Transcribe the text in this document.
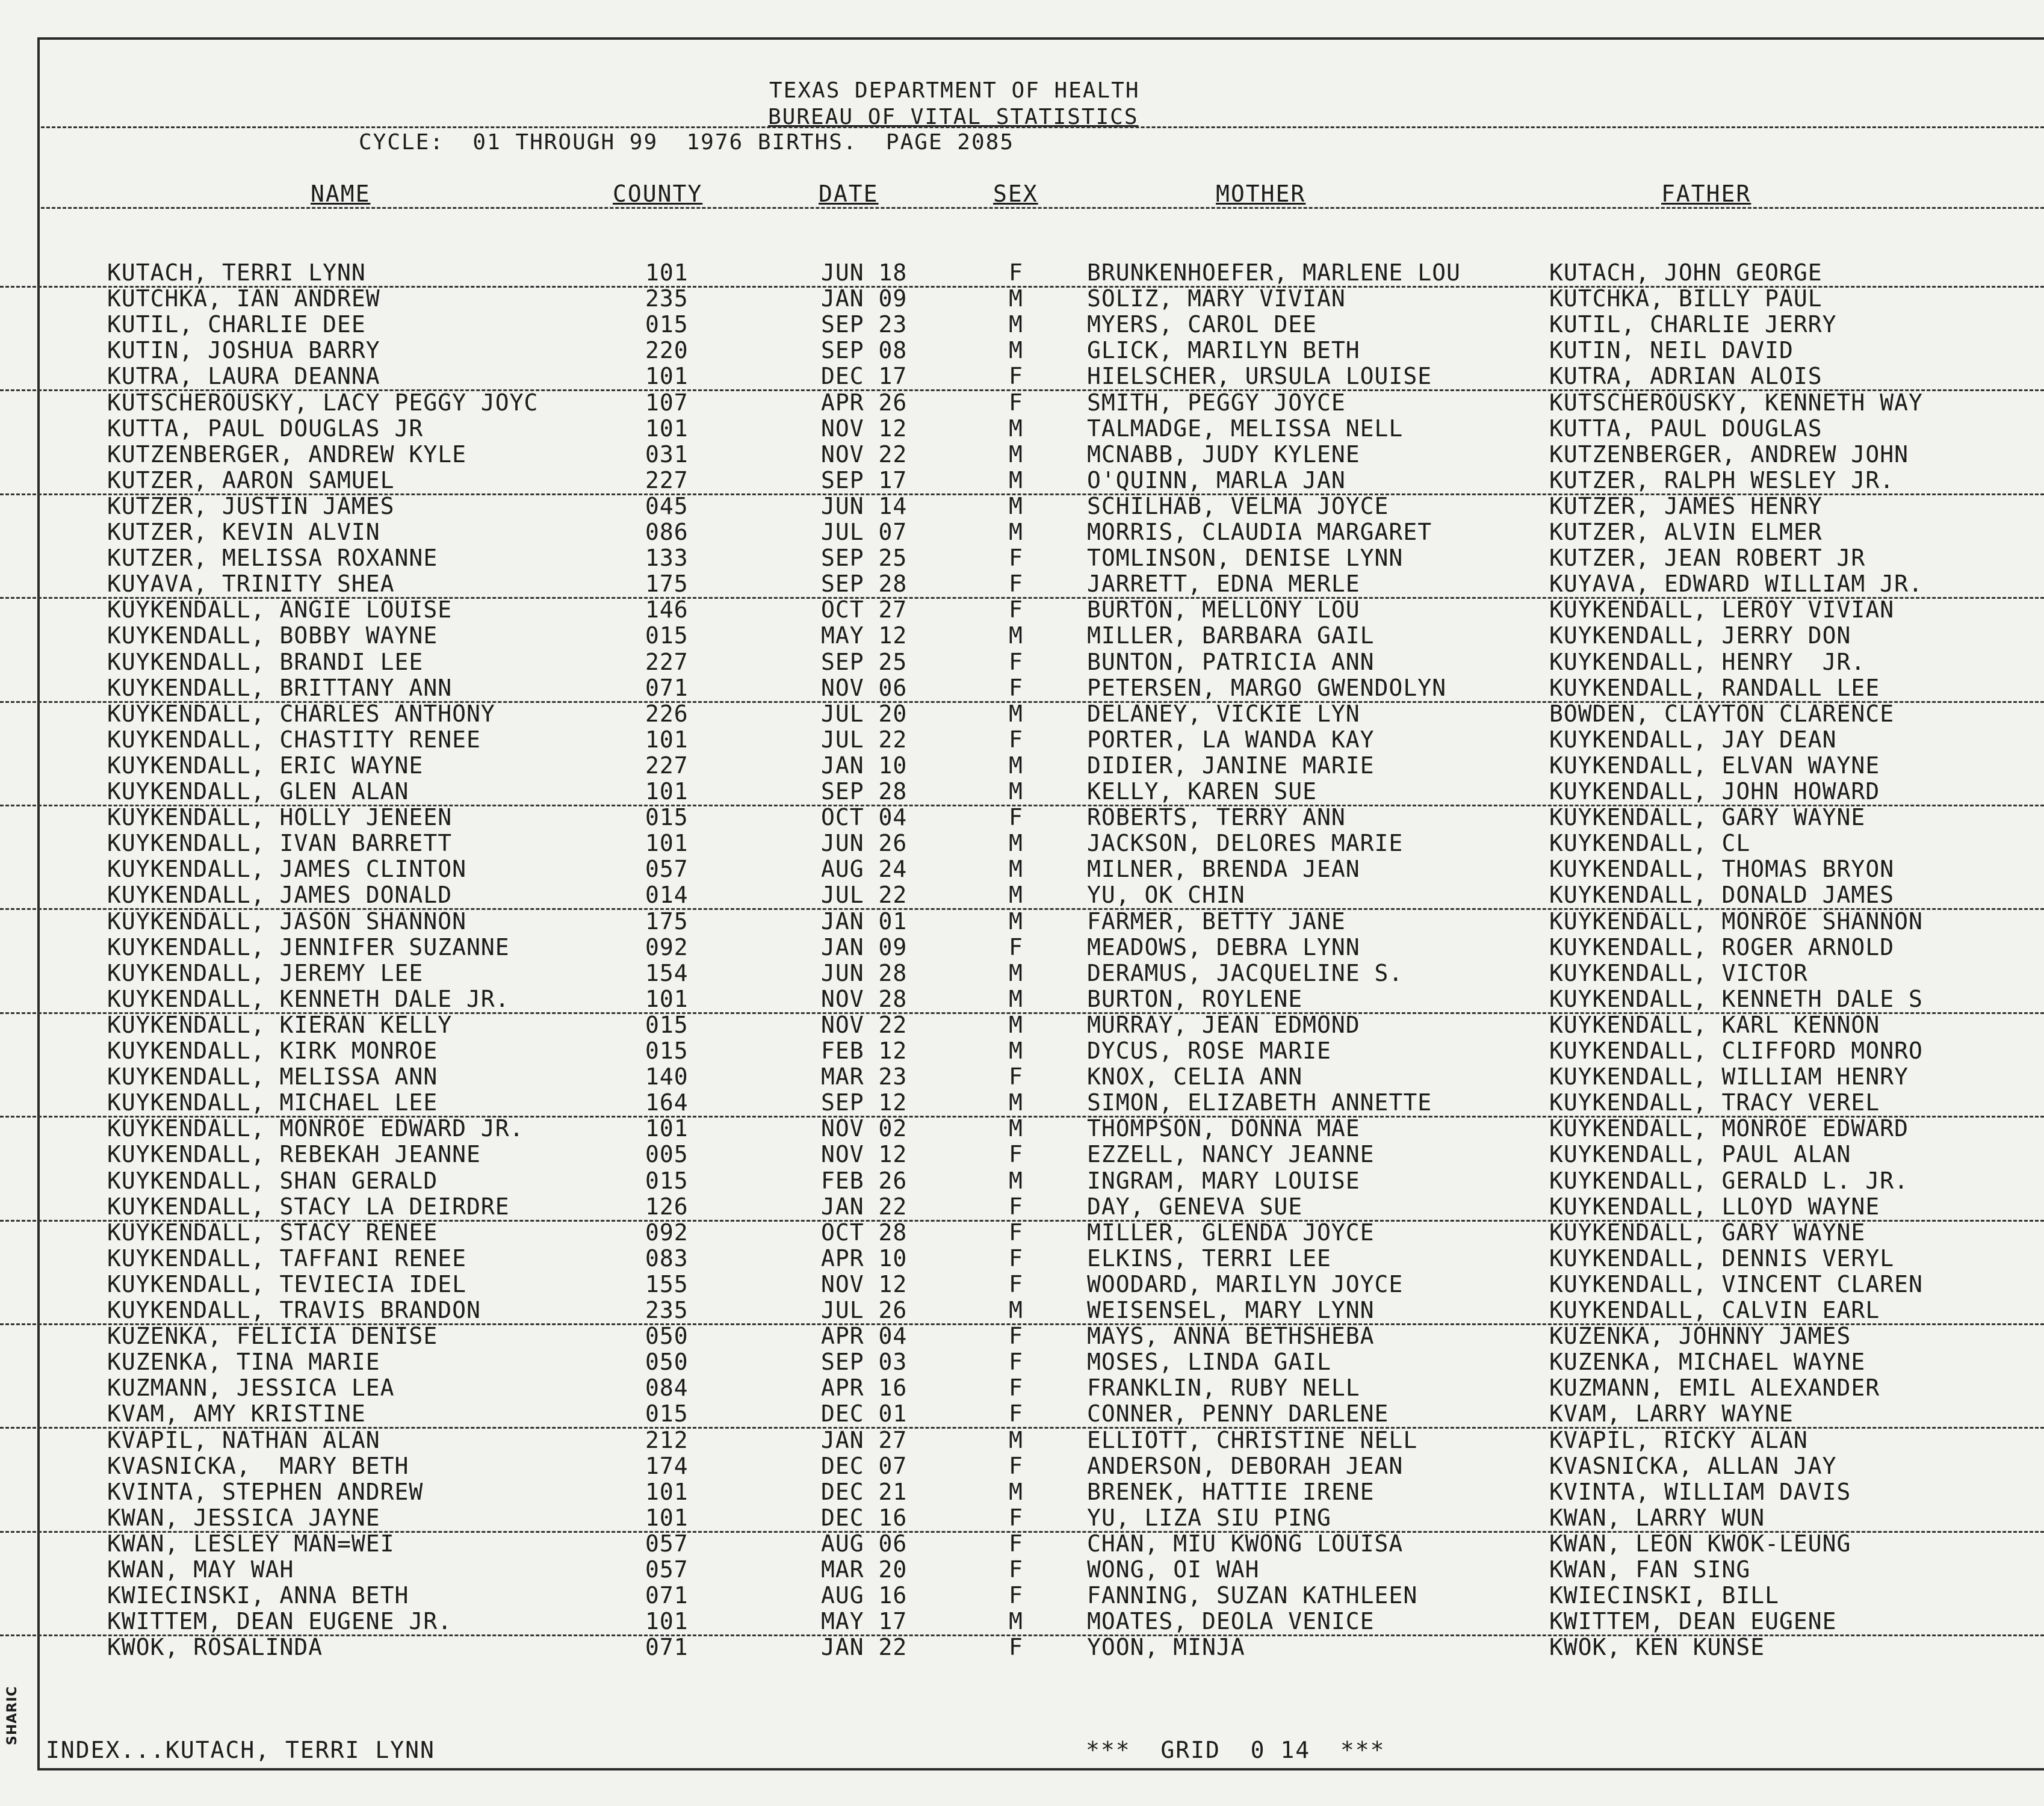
TEXAS DEPARTMENT OF HEALTH
BUREAU OF VITAL STATISTICS
CYCLE:  01 THROUGH 99  1976 BIRTHS.  PAGE 2085
NAME	COUNTY	DATE	SEX	MOTHER	FATHER
KUTACH, TERRI LYNN	101	JUN 18	F	BRUNKENHOEFER, MARLENE LOU	KUTACH, JOHN GEORGE
KUTCHKA, IAN ANDREW	235	JAN 09	M	SOLIZ, MARY VIVIAN	KUTCHKA, BILLY PAUL
KUTIL, CHARLIE DEE	015	SEP 23	M	MYERS, CAROL DEE	KUTIL, CHARLIE JERRY
KUTIN, JOSHUA BARRY	220	SEP 08	M	GLICK, MARILYN BETH	KUTIN, NEIL DAVID
KUTRA, LAURA DEANNA	101	DEC 17	F	HIELSCHER, URSULA LOUISE	KUTRA, ADRIAN ALOIS
KUTSCHEROUSKY, LACY PEGGY JOYC	107	APR 26	F	SMITH, PEGGY JOYCE	KUTSCHEROUSKY, KENNETH WAY
KUTTA, PAUL DOUGLAS JR	101	NOV 12	M	TALMADGE, MELISSA NELL	KUTTA, PAUL DOUGLAS
KUTZENBERGER, ANDREW KYLE	031	NOV 22	M	MCNABB, JUDY KYLENE	KUTZENBERGER, ANDREW JOHN
KUTZER, AARON SAMUEL	227	SEP 17	M	O'QUINN, MARLA JAN	KUTZER, RALPH WESLEY JR.
KUTZER, JUSTIN JAMES	045	JUN 14	M	SCHILHAB, VELMA JOYCE	KUTZER, JAMES HENRY
KUTZER, KEVIN ALVIN	086	JUL 07	M	MORRIS, CLAUDIA MARGARET	KUTZER, ALVIN ELMER
KUTZER, MELISSA ROXANNE	133	SEP 25	F	TOMLINSON, DENISE LYNN	KUTZER, JEAN ROBERT JR
KUYAVA, TRINITY SHEA	175	SEP 28	F	JARRETT, EDNA MERLE	KUYAVA, EDWARD WILLIAM JR.
KUYKENDALL, ANGIE LOUISE	146	OCT 27	F	BURTON, MELLONY LOU	KUYKENDALL, LEROY VIVIAN
KUYKENDALL, BOBBY WAYNE	015	MAY 12	M	MILLER, BARBARA GAIL	KUYKENDALL, JERRY DON
KUYKENDALL, BRANDI LEE	227	SEP 25	F	BUNTON, PATRICIA ANN	KUYKENDALL, HENRY  JR.
KUYKENDALL, BRITTANY ANN	071	NOV 06	F	PETERSEN, MARGO GWENDOLYN	KUYKENDALL, RANDALL LEE
KUYKENDALL, CHARLES ANTHONY	226	JUL 20	M	DELANEY, VICKIE LYN	BOWDEN, CLAYTON CLARENCE
KUYKENDALL, CHASTITY RENEE	101	JUL 22	F	PORTER, LA WANDA KAY	KUYKENDALL, JAY DEAN
KUYKENDALL, ERIC WAYNE	227	JAN 10	M	DIDIER, JANINE MARIE	KUYKENDALL, ELVAN WAYNE
KUYKENDALL, GLEN ALAN	101	SEP 28	M	KELLY, KAREN SUE	KUYKENDALL, JOHN HOWARD
KUYKENDALL, HOLLY JENEEN	015	OCT 04	F	ROBERTS, TERRY ANN	KUYKENDALL, GARY WAYNE
KUYKENDALL, IVAN BARRETT	101	JUN 26	M	JACKSON, DELORES MARIE	KUYKENDALL, CL
KUYKENDALL, JAMES CLINTON	057	AUG 24	M	MILNER, BRENDA JEAN	KUYKENDALL, THOMAS BRYON
KUYKENDALL, JAMES DONALD	014	JUL 22	M	YU, OK CHIN	KUYKENDALL, DONALD JAMES
KUYKENDALL, JASON SHANNON	175	JAN 01	M	FARMER, BETTY JANE	KUYKENDALL, MONROE SHANNON
KUYKENDALL, JENNIFER SUZANNE	092	JAN 09	F	MEADOWS, DEBRA LYNN	KUYKENDALL, ROGER ARNOLD
KUYKENDALL, JEREMY LEE	154	JUN 28	M	DERAMUS, JACQUELINE S.	KUYKENDALL, VICTOR
KUYKENDALL, KENNETH DALE JR.	101	NOV 28	M	BURTON, ROYLENE	KUYKENDALL, KENNETH DALE S
KUYKENDALL, KIERAN KELLY	015	NOV 22	M	MURRAY, JEAN EDMOND	KUYKENDALL, KARL KENNON
KUYKENDALL, KIRK MONROE	015	FEB 12	M	DYCUS, ROSE MARIE	KUYKENDALL, CLIFFORD MONRO
KUYKENDALL, MELISSA ANN	140	MAR 23	F	KNOX, CELIA ANN	KUYKENDALL, WILLIAM HENRY
KUYKENDALL, MICHAEL LEE	164	SEP 12	M	SIMON, ELIZABETH ANNETTE	KUYKENDALL, TRACY VEREL
KUYKENDALL, MONROE EDWARD JR.	101	NOV 02	M	THOMPSON, DONNA MAE	KUYKENDALL, MONROE EDWARD
KUYKENDALL, REBEKAH JEANNE	005	NOV 12	F	EZZELL, NANCY JEANNE	KUYKENDALL, PAUL ALAN
KUYKENDALL, SHAN GERALD	015	FEB 26	M	INGRAM, MARY LOUISE	KUYKENDALL, GERALD L. JR.
KUYKENDALL, STACY LA DEIRDRE	126	JAN 22	F	DAY, GENEVA SUE	KUYKENDALL, LLOYD WAYNE
KUYKENDALL, STACY RENEE	092	OCT 28	F	MILLER, GLENDA JOYCE	KUYKENDALL, GARY WAYNE
KUYKENDALL, TAFFANI RENEE	083	APR 10	F	ELKINS, TERRI LEE	KUYKENDALL, DENNIS VERYL
KUYKENDALL, TEVIECIA IDEL	155	NOV 12	F	WOODARD, MARILYN JOYCE	KUYKENDALL, VINCENT CLAREN
KUYKENDALL, TRAVIS BRANDON	235	JUL 26	M	WEISENSEL, MARY LYNN	KUYKENDALL, CALVIN EARL
KUZENKA, FELICIA DENISE	050	APR 04	F	MAYS, ANNA BETHSHEBA	KUZENKA, JOHNNY JAMES
KUZENKA, TINA MARIE	050	SEP 03	F	MOSES, LINDA GAIL	KUZENKA, MICHAEL WAYNE
KUZMANN, JESSICA LEA	084	APR 16	F	FRANKLIN, RUBY NELL	KUZMANN, EMIL ALEXANDER
KVAM, AMY KRISTINE	015	DEC 01	F	CONNER, PENNY DARLENE	KVAM, LARRY WAYNE
KVAPIL, NATHAN ALAN	212	JAN 27	M	ELLIOTT, CHRISTINE NELL	KVAPIL, RICKY ALAN
KVASNICKA,  MARY BETH	174	DEC 07	F	ANDERSON, DEBORAH JEAN	KVASNICKA, ALLAN JAY
KVINTA, STEPHEN ANDREW	101	DEC 21	M	BRENEK, HATTIE IRENE	KVINTA, WILLIAM DAVIS
KWAN, JESSICA JAYNE	101	DEC 16	F	YU, LIZA SIU PING	KWAN, LARRY WUN
KWAN, LESLEY MAN=WEI	057	AUG 06	F	CHAN, MIU KWONG LOUISA	KWAN, LEON KWOK-LEUNG
KWAN, MAY WAH	057	MAR 20	F	WONG, OI WAH	KWAN, FAN SING
KWIECINSKI, ANNA BETH	071	AUG 16	F	FANNING, SUZAN KATHLEEN	KWIECINSKI, BILL
KWITTEM, DEAN EUGENE JR.	101	MAY 17	M	MOATES, DEOLA VENICE	KWITTEM, DEAN EUGENE
KWOK, ROSALINDA	071	JAN 22	F	YOON, MINJA	KWOK, KEN KUNSE
INDEX...KUTACH, TERRI LYNN	***  GRID  0 14  ***
SHARIC
